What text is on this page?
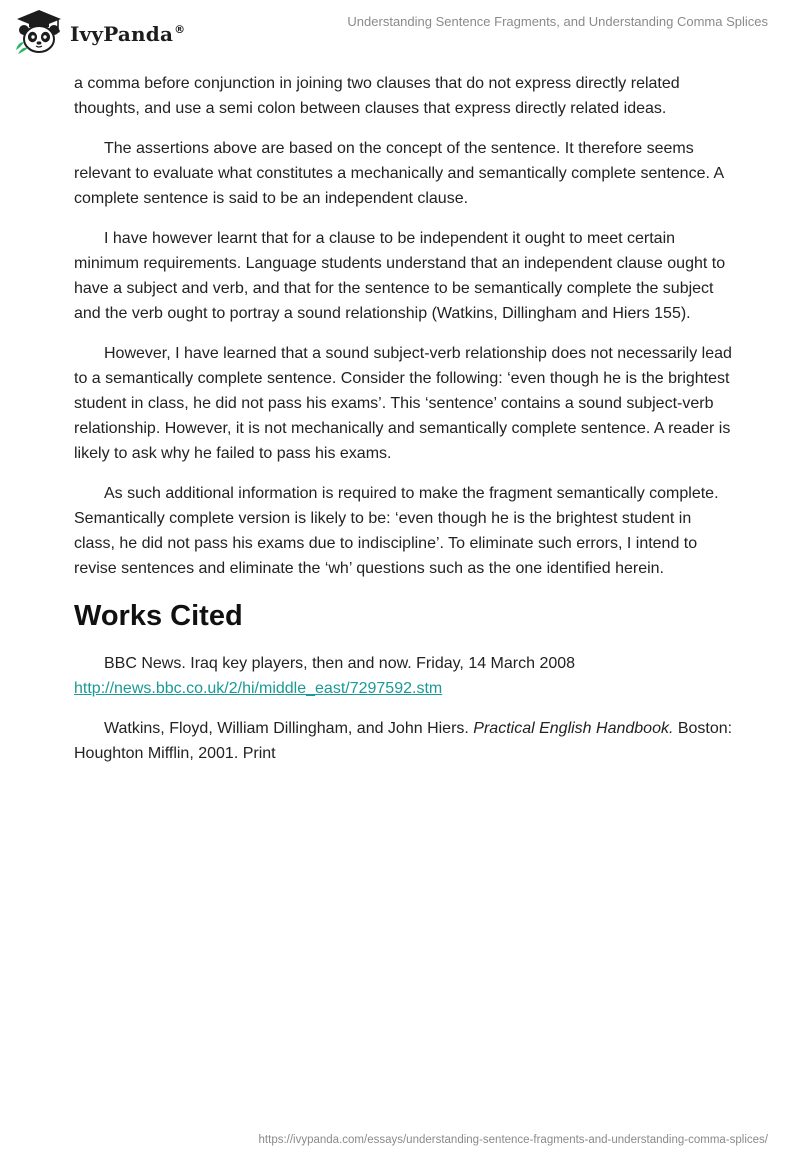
IvyPanda®
Understanding Sentence Fragments, and Understanding Comma Splices

a comma before conjunction in joining two clauses that do not express directly related thoughts, and use a semi colon between clauses that express directly related ideas.

The assertions above are based on the concept of the sentence. It therefore seems relevant to evaluate what constitutes a mechanically and semantically complete sentence. A complete sentence is said to be an independent clause.

I have however learnt that for a clause to be independent it ought to meet certain minimum requirements. Language students understand that an independent clause ought to have a subject and verb, and that for the sentence to be semantically complete the subject and the verb ought to portray a sound relationship (Watkins, Dillingham and Hiers 155).

However, I have learned that a sound subject-verb relationship does not necessarily lead to a semantically complete sentence. Consider the following: ‘even though he is the brightest student in class, he did not pass his exams’. This ‘sentence’ contains a sound subject-verb relationship. However, it is not mechanically and semantically complete sentence. A reader is likely to ask why he failed to pass his exams.

As such additional information is required to make the fragment semantically complete. Semantically complete version is likely to be: ‘even though he is the brightest student in class, he did not pass his exams due to indiscipline’. To eliminate such errors, I intend to revise sentences and eliminate the ‘wh’ questions such as the one identified herein.

Works Cited

BBC News. Iraq key players, then and now. Friday, 14 March 2008
http://news.bbc.co.uk/2/hi/middle_east/7297592.stm

Watkins, Floyd, William Dillingham, and John Hiers. Practical English Handbook. Boston: Houghton Mifflin, 2001. Print

https://ivypanda.com/essays/understanding-sentence-fragments-and-understanding-comma-splices/
